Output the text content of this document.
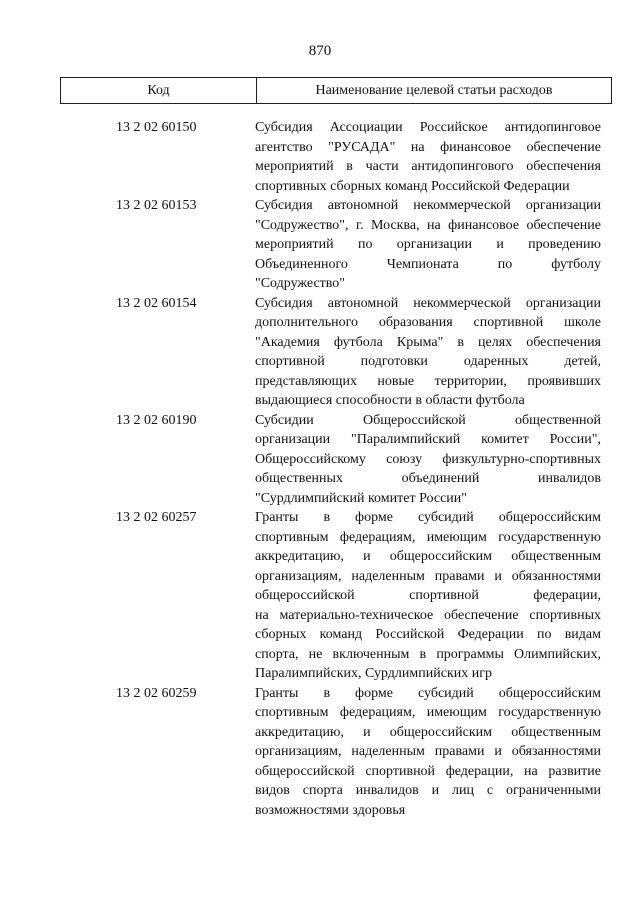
870
Код	Наименование целевой статьи расходов
13 2 02 60150	Субсидия Ассоциации Российское антидопинговое
агентство "РУСАДА" на финансовое обеспечение
мероприятий в части антидопингового обеспечения
спортивных сборных команд Российской Федерации
13 2 02 60153	Субсидия автономной некоммерческой организации
"Содружество", г. Москва, на финансовое обеспечение
мероприятий по организации и проведению
Объединенного Чемпионата по футболу
"Содружество"
13 2 02 60154	Субсидия автономной некоммерческой организации
дополнительного образования спортивной школе
"Академия футбола Крыма" в целях обеспечения
спортивной подготовки одаренных детей,
представляющих новые территории, проявивших
выдающиеся способности в области футбола
13 2 02 60190	Субсидии Общероссийской общественной
организации "Паралимпийский комитет России",
Общероссийскому союзу физкультурно-спортивных
общественных объединений инвалидов
"Сурдлимпийский комитет России"
13 2 02 60257	Гранты в форме субсидий общероссийским
спортивным федерациям, имеющим государственную
аккредитацию, и общероссийским общественным
организациям, наделенным правами и обязанностями
общероссийской спортивной федерации,
на материально-техническое обеспечение спортивных
сборных команд Российской Федерации по видам
спорта, не включенным в программы Олимпийских,
Паралимпийских, Сурдлимпийских игр
13 2 02 60259	Гранты в форме субсидий общероссийским
спортивным федерациям, имеющим государственную
аккредитацию, и общероссийским общественным
организациям, наделенным правами и обязанностями
общероссийской спортивной федерации, на развитие
видов спорта инвалидов и лиц с ограниченными
возможностями здоровья
